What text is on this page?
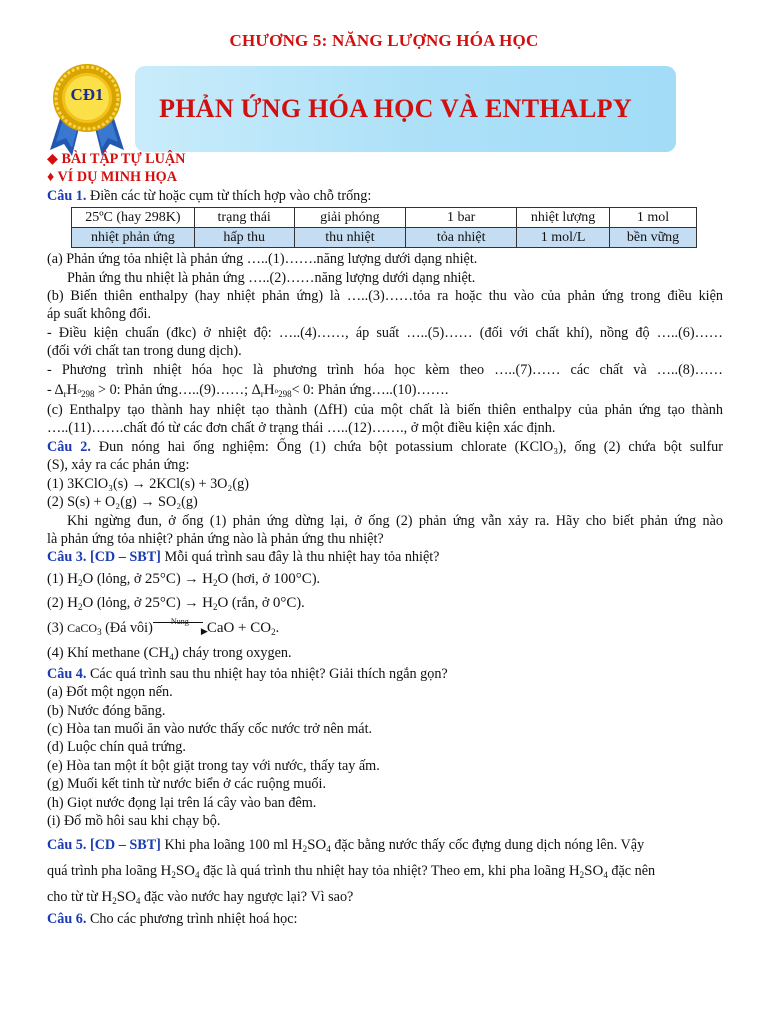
CHƯƠNG 5: NĂNG LƯỢNG HÓA HỌC
CĐ1	PHẢN ỨNG HÓA HỌC VÀ ENTHALPY
◆ BÀI TẬP TỰ LUẬN
♦ VÍ DỤ MINH HỌA
Câu 1. Điền các từ hoặc cụm từ thích hợp vào chỗ trống:
25ºC (hay 298K)	trạng thái	giải phóng	1 bar	nhiệt lượng	1 mol
nhiệt phản ứng	hấp thu	thu nhiệt	tỏa nhiệt	1 mol/L	bền vững
(a) Phản ứng tỏa nhiệt là phản ứng …..(1)…….năng lượng dưới dạng nhiệt.
Phản ứng thu nhiệt là phản ứng …..(2)……năng lượng dưới dạng nhiệt.
(b) Biến thiên enthalpy (hay nhiệt phản ứng) là …..(3)……tỏa ra hoặc thu vào của phản ứng trong điều kiện
áp suất không đổi.
- Điều kiện chuẩn (đkc) ở nhiệt độ: …..(4)……, áp suất …..(5)…… (đối với chất khí), nồng độ …..(6)……
(đối với chất tan trong dung dịch).
- Phương trình nhiệt hóa học là phương trình hóa học kèm theo …..(7)…… các chất và …..(8)……
- $\Delta_rH_{^o298} > 0$: Phản ứng…..(9)……; $\Delta_rH_{^o298}< 0$: Phản ứng…..(10)…….
(c) Enthalpy tạo thành hay nhiệt tạo thành (ΔfH) của một chất là biến thiên enthalpy của phản ứng tạo thành
…..(11)…….chất đó từ các đơn chất ở trạng thái …..(12)……., ở một điều kiện xác định.
Câu 2. Đun nóng hai ống nghiệm: Ống (1) chứa bột potassium chlorate (KClO₃), ống (2) chứa bột sulfur
(S), xảy ra các phản ứng:
(1) 3KClO₃(s) → 2KCl(s) + 3O₂(g)
(2) S(s) + O₂(g) → SO₂(g)
Khi ngừng đun, ở ống (1) phản ứng dừng lại, ở ống (2) phản ứng vẫn xảy ra. Hãy cho biết phản ứng nào
là phản ứng tỏa nhiệt? phản ứng nào là phản ứng thu nhiệt?
Câu 3. [CD – SBT] Mỗi quá trình sau đây là thu nhiệt hay tỏa nhiệt?
(1) $H_2O$ (lỏng, ở $25^\circ C) \to H_2O$ (hơi, ở 100°C).
(2) $H_2O$ (lỏng, ở $25^\circ C) \to H_2O$ (rắn, ở 0°C).
(3) CaCO$_3$ (Đá vôi)	Nung
▶ CaO + $CO_2$.
(4) Khí methane $(CH_4)$ cháy trong oxygen.
Câu 4. Các quá trình sau thu nhiệt hay tỏa nhiệt? Giải thích ngắn gọn?
(a) Đốt một ngọn nến.
(b) Nước đóng băng.
(c) Hòa tan muối ăn vào nước thấy cốc nước trở nên mát.
(d) Luộc chín quả trứng.
(e) Hòa tan một ít bột giặt trong tay với nước, thấy tay ấm.
(g) Muối kết tinh từ nước biển ở các ruộng muối.
(h) Giọt nước đọng lại trên lá cây vào ban đêm.
(i) Đổ mồ hôi sau khi chạy bộ.
Câu 5. [CD – SBT] Khi pha loãng 100 ml $H_2SO_4$ đặc bằng nước thấy cốc đựng dung dịch nóng lên. Vậy
quá trình pha loãng $H_2SO_4$ đặc là quá trình thu nhiệt hay tỏa nhiệt? Theo em, khi pha loãng $H_2SO_4$ đặc nên
cho từ từ $H_2SO_4$ đặc vào nước hay ngược lại? Vì sao?
Câu 6. Cho các phương trình nhiệt hoá học:
